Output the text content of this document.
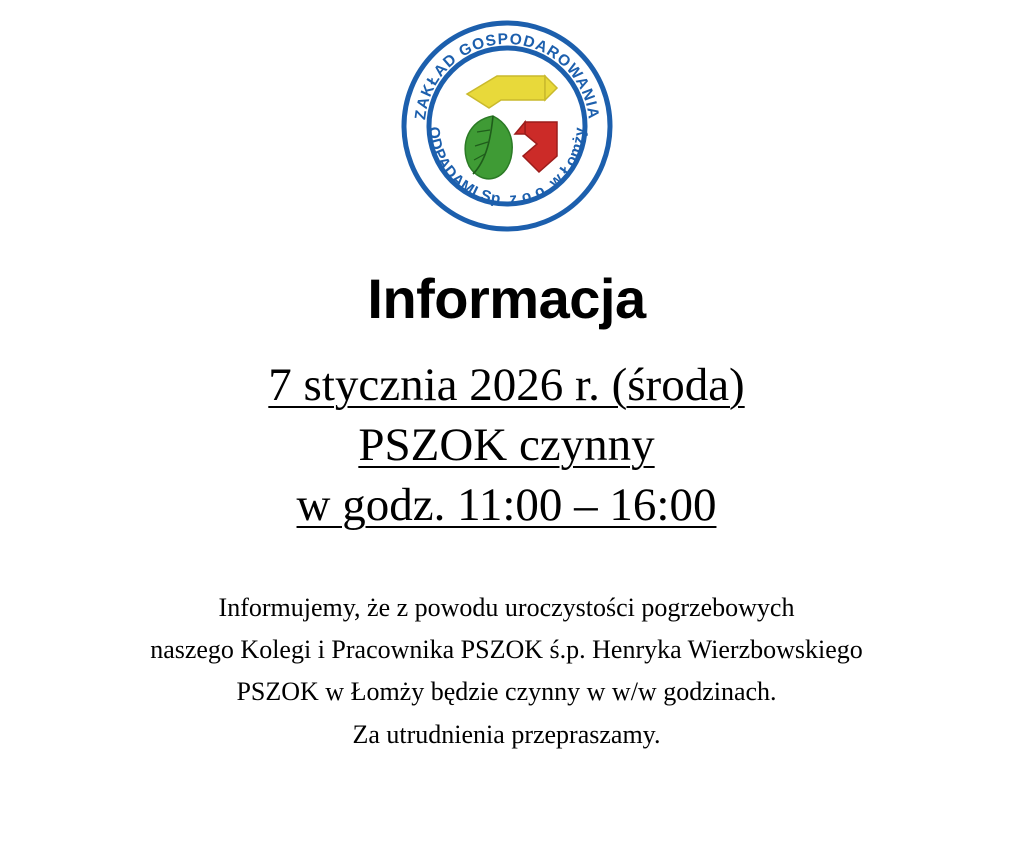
ZAKŁAD GOSPODAROWANIA
ODPADAMI Sp. z o.o. w Łomży
Informacja
7 stycznia 2026 r. (środa)
PSZOK czynny
w godz. 11:00 – 16:00
Informujemy, że z powodu uroczystości pogrzebowych
naszego Kolegi i Pracownika PSZOK ś.p. Henryka Wierzbowskiego
PSZOK w Łomży będzie czynny w w/w godzinach.
Za utrudnienia przepraszamy.
